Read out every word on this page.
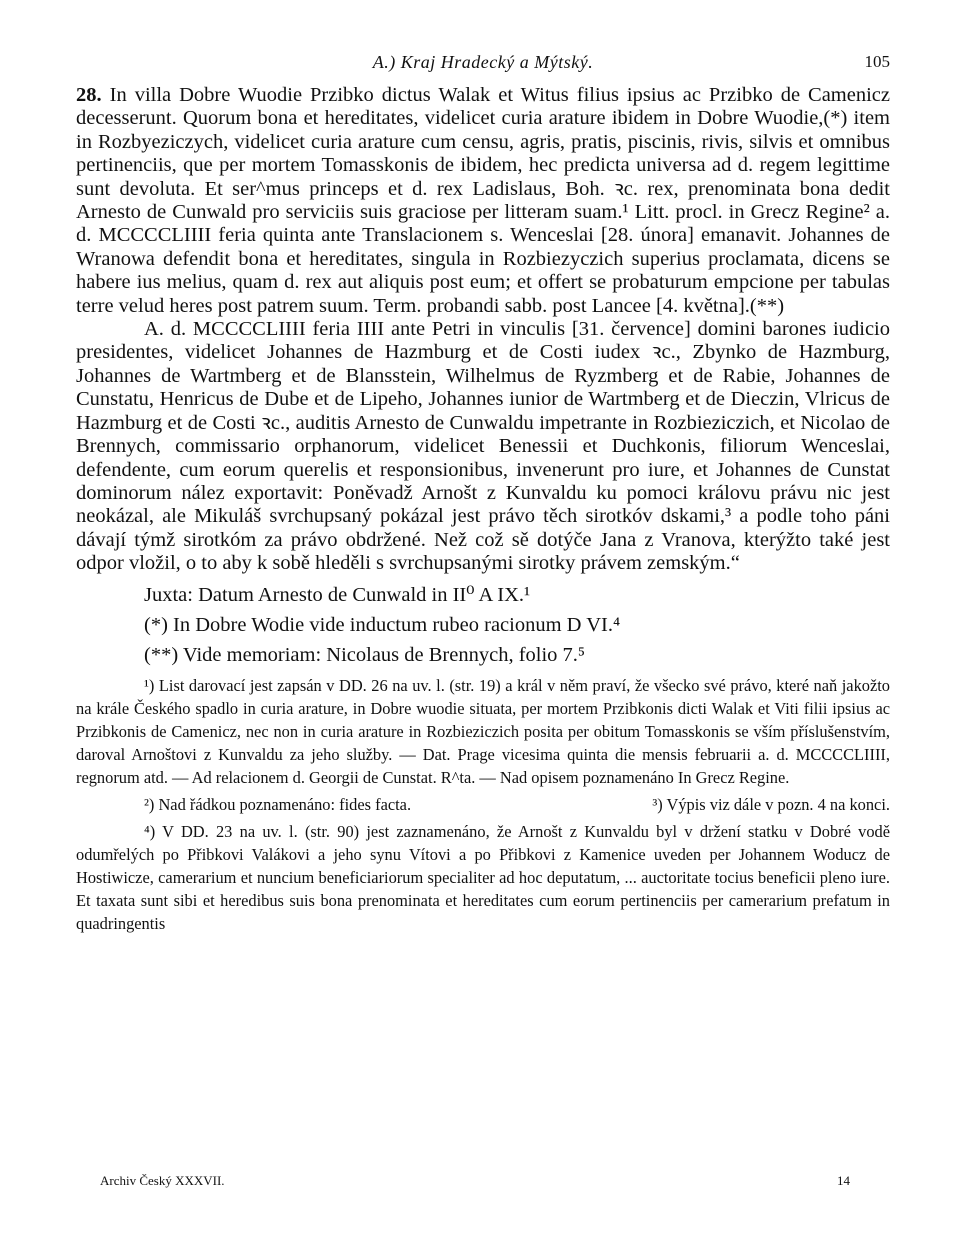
A.) Kraj Hradecký a Mýtský.	105

28. In villa Dobre Wuodie Przibko dictus Walak et Witus filius ipsius ac Przibko de Camenicz decesserunt. Quorum bona et hereditates, videlicet curia arature ibidem in Dobre Wuodie,(*) item in Rozbyeziczych, videlicet curia arature cum censu, agris, pratis, piscinis, rivis, silvis et omnibus pertinenciis, que per mortem Tomasskonis de ibidem, hec predicta universa ad d. regem legittime sunt devoluta. Et ser^mus princeps et d. rex Ladislaus, Boh. ꝛc. rex, prenominata bona dedit Arnesto de Cunwald pro serviciis suis graciose per litteram suam.¹ Litt. procl. in Grecz Regine² a. d. MCCCCLIIII feria quinta ante Translacionem s. Wenceslai [28. února] emanavit. Johannes de Wranowa defendit bona et hereditates, singula in Rozbiezyczich superius proclamata, dicens se habere ius melius, quam d. rex aut aliquis post eum; et offert se probaturum empcione per tabulas terre velud heres post patrem suum. Term. probandi sabb. post Lancee [4. května].(**)

A. d. MCCCCLIIII feria IIII ante Petri in vinculis [31. července] domini barones iudicio presidentes, videlicet Johannes de Hazmburg et de Costi iudex ꝛc., Zbynko de Hazmburg, Johannes de Wartmberg et de Blansstein, Wilhelmus de Ryzmberg et de Rabie, Johannes de Cunstatu, Henricus de Dube et de Lipeho, Johannes iunior de Wartmberg et de Dieczin, Vlricus de Hazmburg et de Costi ꝛc., auditis Arnesto de Cunwaldu impetrante in Rozbieziczich, et Nicolao de Brennych, commissario orphanorum, videlicet Benessii et Duchkonis, filiorum Wenceslai, defendente, cum eorum querelis et responsionibus, invenerunt pro iure, et Johannes de Cunstat dominorum nález exportavit: Poněvadž Arnošt z Kunvaldu ku pomoci královu právu nic jest neokázal, ale Mikuláš svrchupsaný pokázal jest právo těch sirotkóv dskami,³ a podle toho páni dávají týmž sirotkóm za právo obdržené. Než což sě dotýče Jana z Vranova, kterýžto také jest odpor vložil, o to aby k sobě hleděli s svrchupsanými sirotky právem zemským.“

Juxta: Datum Arnesto de Cunwald in II⁰ A IX.¹

(*) In Dobre Wodie vide inductum rubeo racionum D VI.⁴

(**) Vide memoriam: Nicolaus de Brennych, folio 7.⁵

¹) List darovací jest zapsán v DD. 26 na uv. l. (str. 19) a král v něm praví, že všecko své právo, které naň jakožto na krále Českého spadlo in curia arature, in Dobre wuodie situata, per mortem Przibkonis dicti Walak et Viti filii ipsius ac Przibkonis de Camenicz, nec non in curia arature in Rozbieziczich posita per obitum Tomasskonis se vším příslušenstvím, daroval Arnoštovi z Kunvaldu za jeho služby. — Dat. Prage vicesima quinta die mensis februarii a. d. MCCCCLIIII, regnorum atd. — Ad relacionem d. Georgii de Cunstat. R^ta. — Nad opisem poznamenáno In Grecz Regine.

²) Nad řádkou poznamenáno: fides facta.	³) Výpis viz dále v pozn. 4 na konci.

⁴) V DD. 23 na uv. l. (str. 90) jest zaznamenáno, že Arnošt z Kunvaldu byl v držení statku v Dobré vodě odumřelých po Přibkovi Valákovi a jeho synu Vítovi a po Přibkovi z Kamenice uveden per Johannem Woducz de Hostiwicze, camerarium et nuncium beneficiariorum specialiter ad hoc deputatum, ... auctoritate tocius beneficii pleno iure. Et taxata sunt sibi et heredibus suis bona prenominata et hereditates cum eorum pertinenciis per camerarium prefatum in quadringentis

Archiv Český XXXVII.	14
